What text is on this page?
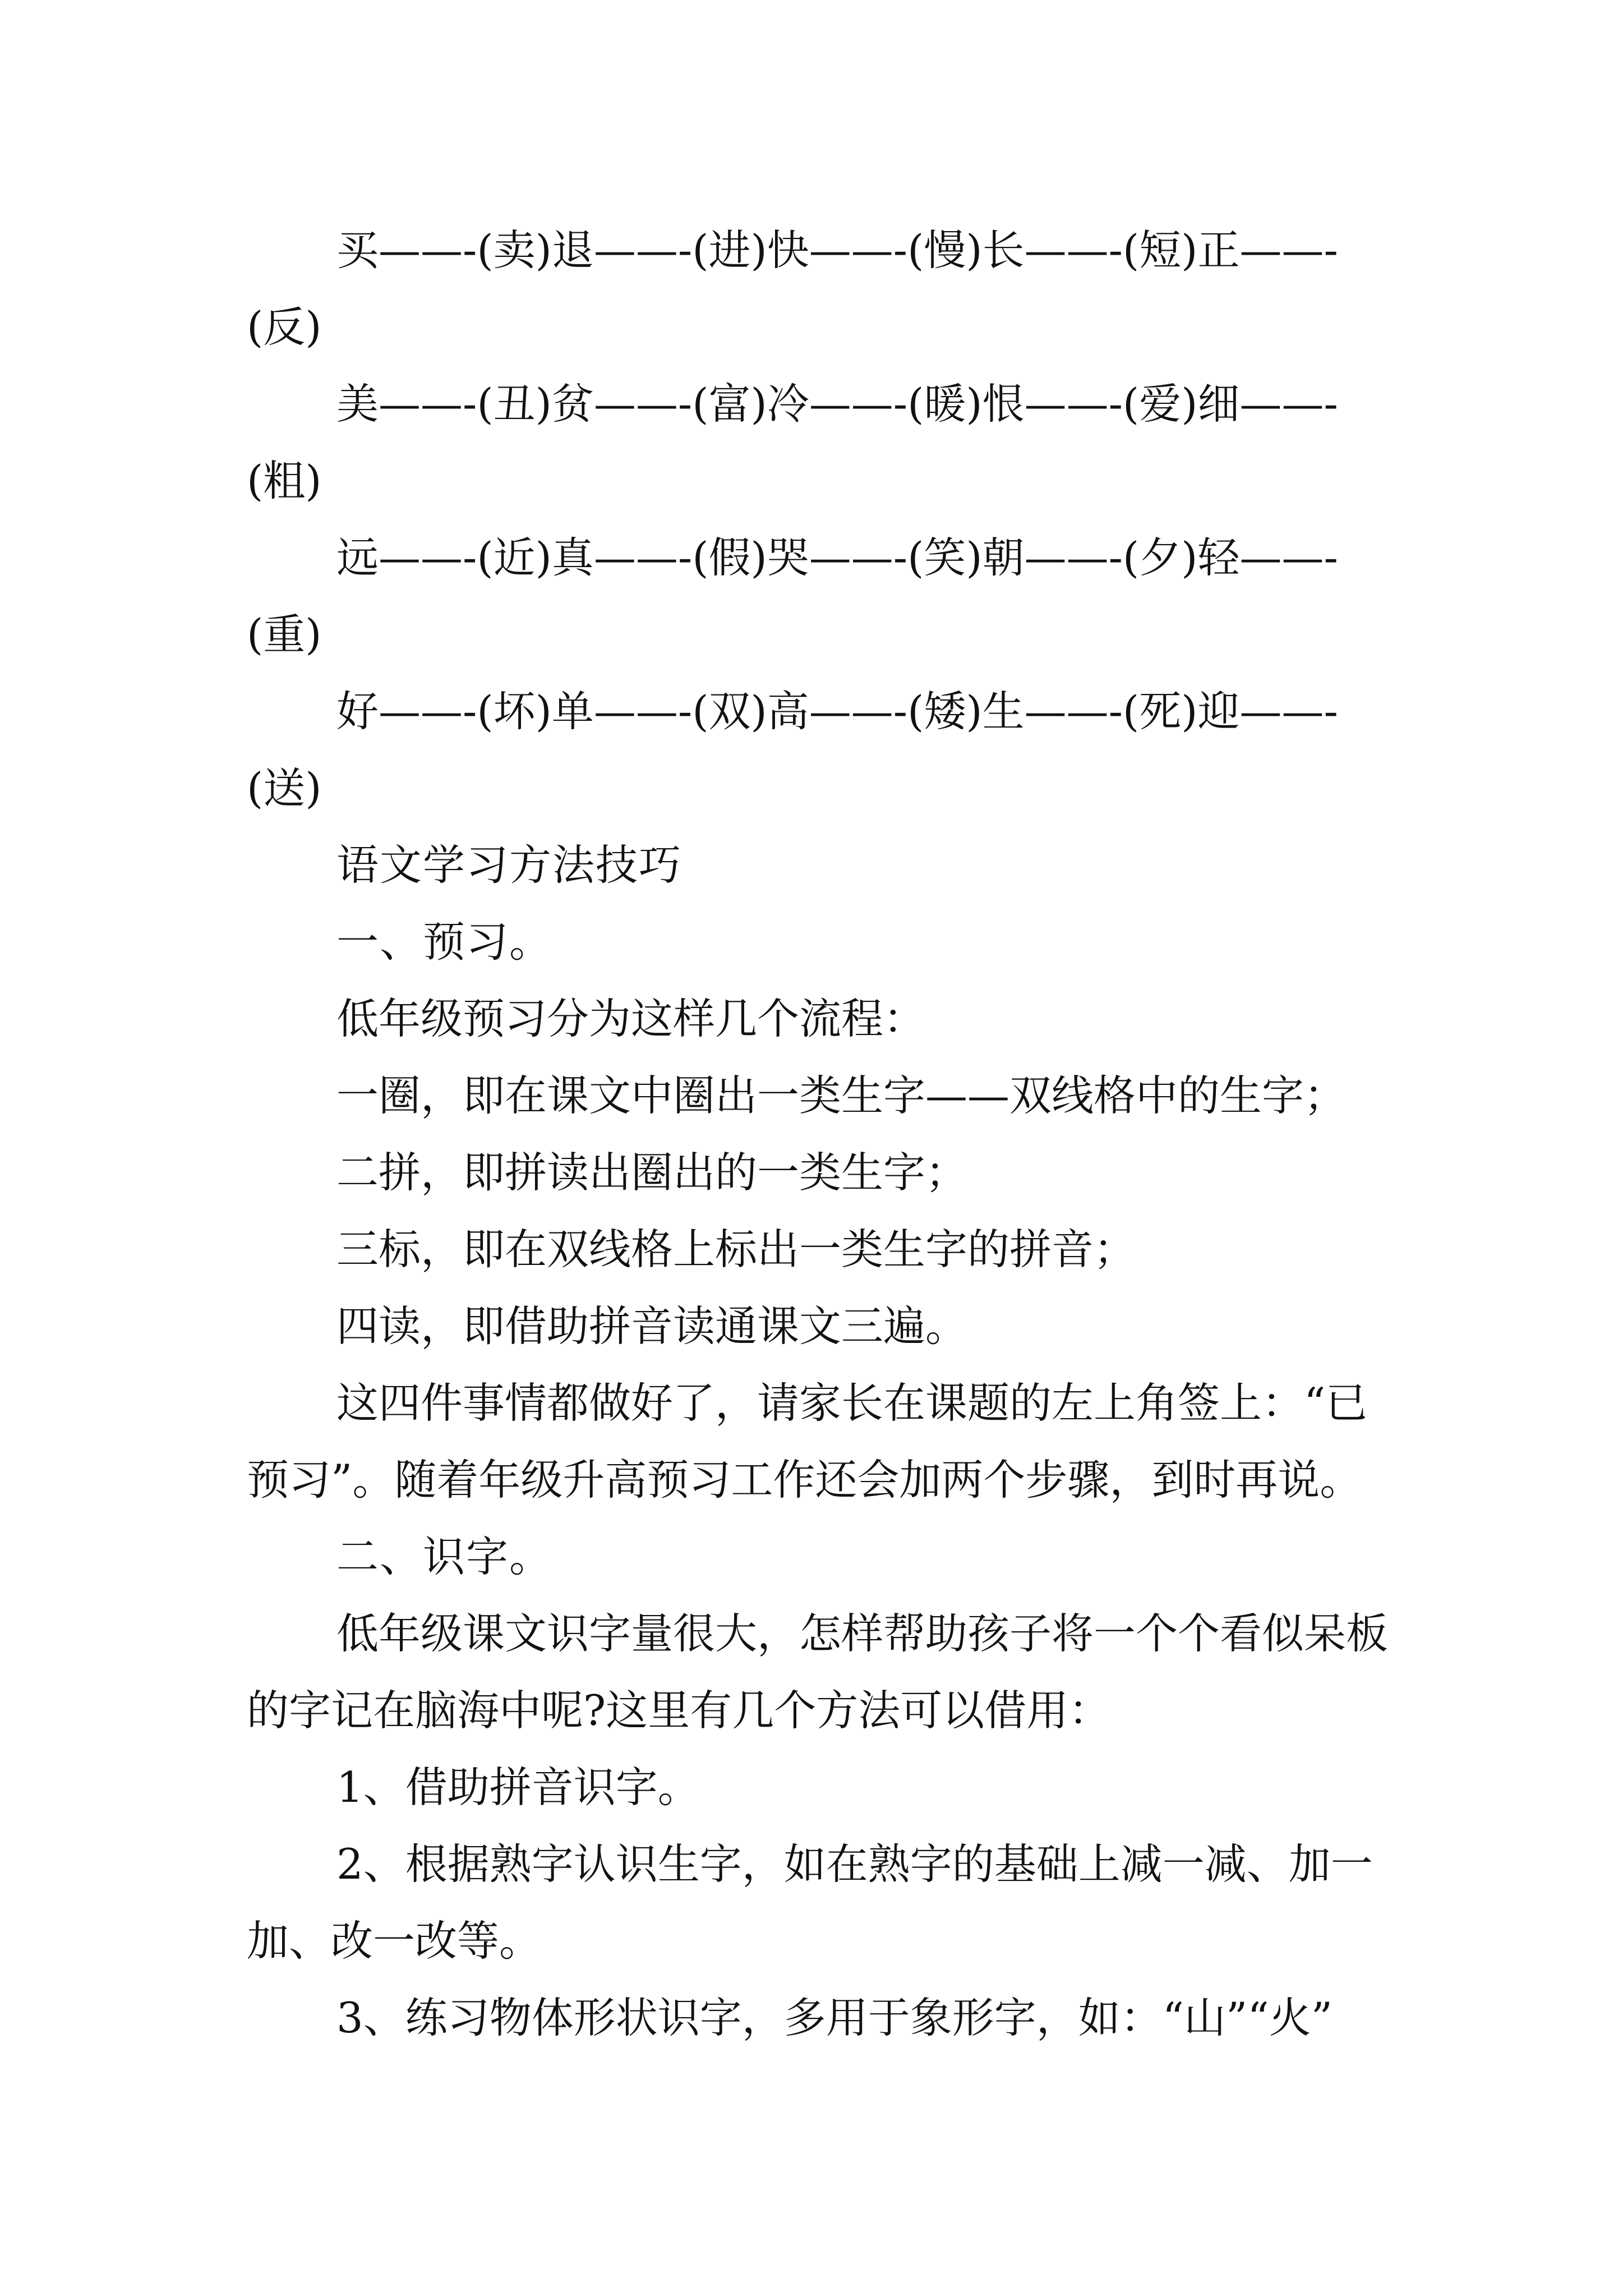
买——-(卖)退——-(进)快——-(慢)长——-(短)正——-(反)

美——-(丑)贫——-(富)冷——-(暖)恨——-(爱)细——-(粗)

远——-(近)真——-(假)哭——-(笑)朝——-(夕)轻——-(重)

好——-(坏)单——-(双)高——-(矮)生——-(死)迎——-(送)

语文学习方法技巧

一、预习。

低年级预习分为这样几个流程：

一圈，即在课文中圈出一类生字——双线格中的生字；

二拼，即拼读出圈出的一类生字；

三标，即在双线格上标出一类生字的拼音；

四读，即借助拼音读通课文三遍。

这四件事情都做好了，请家长在课题的左上角签上：“已预习”。随着年级升高预习工作还会加两个步骤，到时再说。

二、识字。

低年级课文识字量很大，怎样帮助孩子将一个个看似呆板的字记在脑海中呢?这里有几个方法可以借用：

1、借助拼音识字。

2、根据熟字认识生字，如在熟字的基础上减一减、加一加、改一改等。

3、练习物体形状识字，多用于象形字，如：“山”“火”
